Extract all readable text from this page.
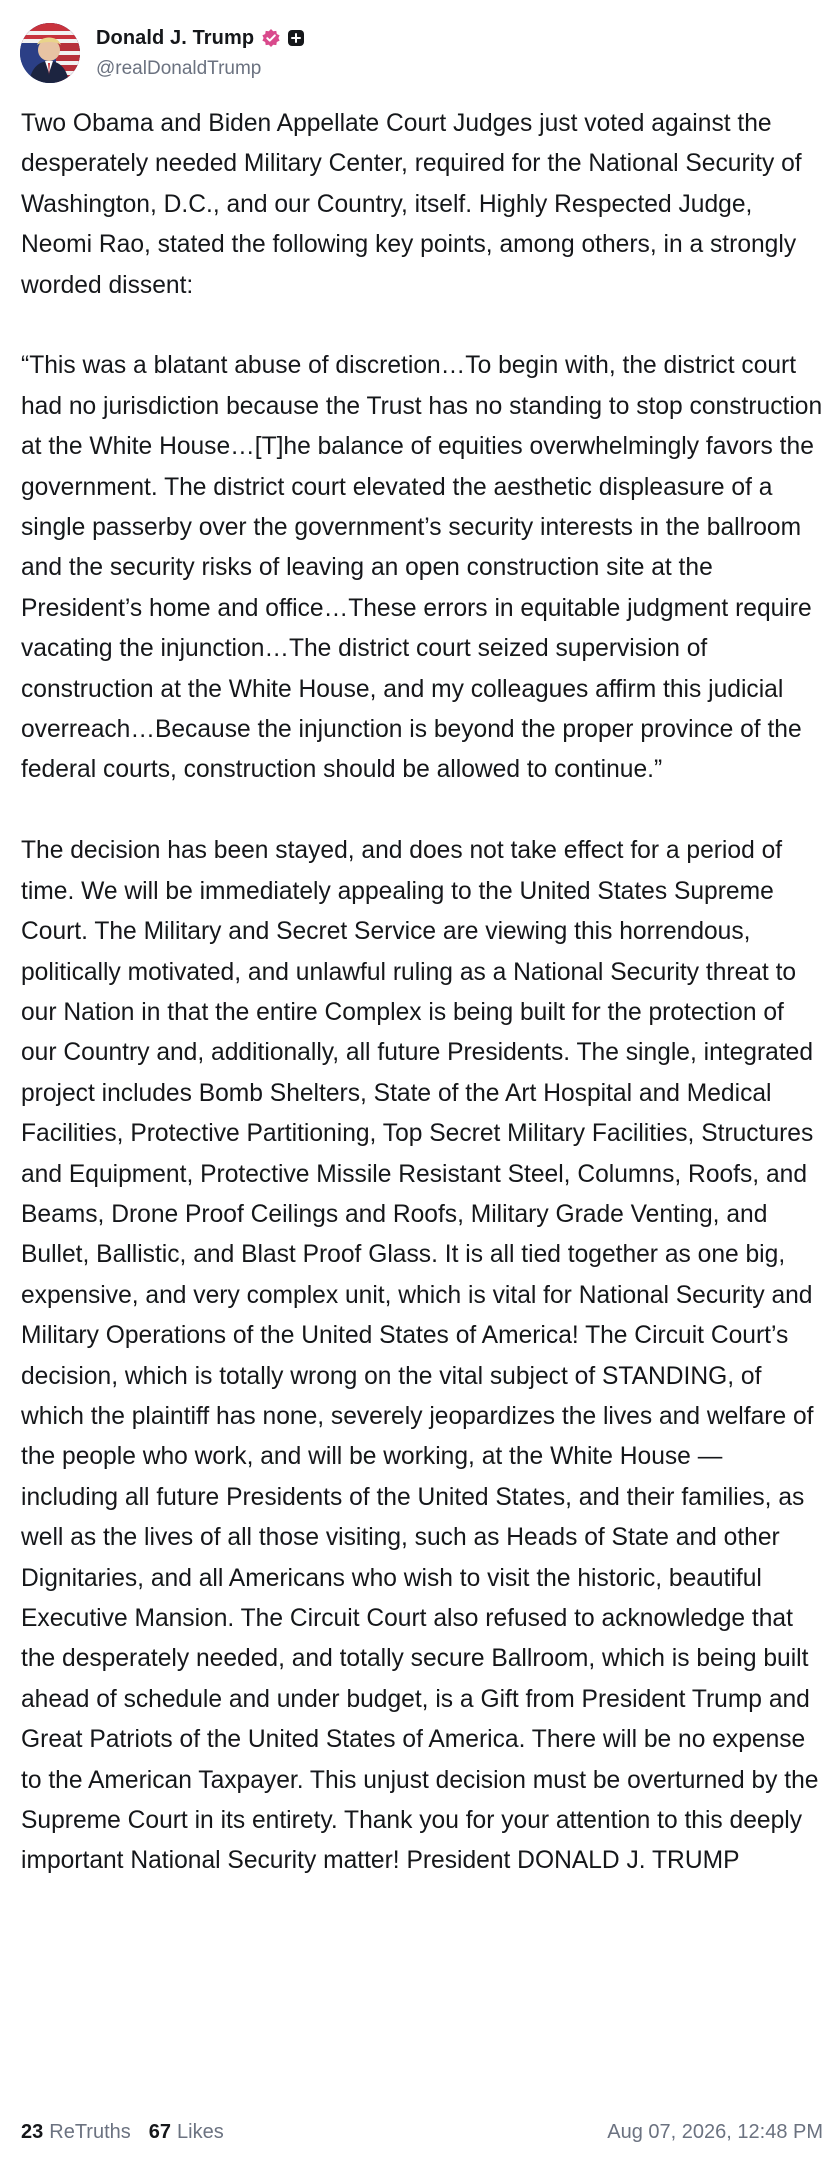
Donald J. Trump
@realDonaldTrump

Two Obama and Biden Appellate Court Judges just voted against the desperately needed Military Center, required for the National Security of Washington, D.C., and our Country, itself. Highly Respected Judge, Neomi Rao, stated the following key points, among others, in a strongly worded dissent:

“This was a blatant abuse of discretion…To begin with, the district court had no jurisdiction because the Trust has no standing to stop construction at the White House…[T]he balance of equities overwhelmingly favors the government. The district court elevated the aesthetic displeasure of a single passerby over the government’s security interests in the ballroom and the security risks of leaving an open construction site at the President’s home and office…These errors in equitable judgment require vacating the injunction…The district court seized supervision of construction at the White House, and my colleagues affirm this judicial overreach…Because the injunction is beyond the proper province of the federal courts, construction should be allowed to continue.”

The decision has been stayed, and does not take effect for a period of time. We will be immediately appealing to the United States Supreme Court. The Military and Secret Service are viewing this horrendous, politically motivated, and unlawful ruling as a National Security threat to our Nation in that the entire Complex is being built for the protection of our Country and, additionally, all future Presidents. The single, integrated project includes Bomb Shelters, State of the Art Hospital and Medical Facilities, Protective Partitioning, Top Secret Military Facilities, Structures and Equipment, Protective Missile Resistant Steel, Columns, Roofs, and Beams, Drone Proof Ceilings and Roofs, Military Grade Venting, and Bullet, Ballistic, and Blast Proof Glass. It is all tied together as one big, expensive, and very complex unit, which is vital for National Security and Military Operations of the United States of America! The Circuit Court’s decision, which is totally wrong on the vital subject of STANDING, of which the plaintiff has none, severely jeopardizes the lives and welfare of the people who work, and will be working, at the White House — including all future Presidents of the United States, and their families, as well as the lives of all those visiting, such as Heads of State and other Dignitaries, and all Americans who wish to visit the historic, beautiful Executive Mansion. The Circuit Court also refused to acknowledge that the desperately needed, and totally secure Ballroom, which is being built ahead of schedule and under budget, is a Gift from President Trump and Great Patriots of the United States of America. There will be no expense to the American Taxpayer. This unjust decision must be overturned by the Supreme Court in its entirety. Thank you for your attention to this deeply important National Security matter! President DONALD J. TRUMP

23 ReTruths 67 Likes	Aug 07, 2026, 12:48 PM
